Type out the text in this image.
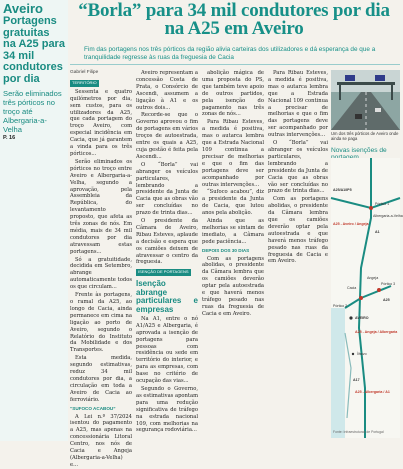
Aveiro
Portagens gratuitas na A25 para 34 mil condutores por dia
Serão eliminados três pórticos no troço até Albergaria-a-Velha
P. 16
“Borla” para 34 mil condutores por dia na A25 em Aveiro
Fim das portagens nos três pórticos da região alivia carteiras dos utilizadores e dá esperança de que a tranquilidade regresse às ruas da freguesia de Cacia

Gabriel Filipe

TERRITÓRIO

Sessenta e quatro quilómetros por dia, sem custos, para os utilizadores da A25, que cada portagem do troço Aveiro, com especial incidência em Cacia, que já garantem a vinda para os três pórticos...

Serão eliminados os pórticos no troço entre Aveiro e Albergaria-a-Velha, segundo a aprovação, pela Assembleia da República, do levantamento proposto, que afeta as três zonas de nós. Em média, mais de 34 mil condutores por dia atravessam estas portagens...

Só a gratuitidade, decidida em Setembro, abrange automaticamente todos os que circulam...

Frente às portagens, o ramal da A25, ao longo de Cacia, ainda permanece em cima na ligação ao porto de Aveiro, segundo o Relatório do Instituto da Mobilidade e dos Transportes.

Esta medida, segundo estimativas, reduz 34 mil condutores por dia, a circulação em toda a Aveiro de Cacia ao ferroviário.

“SUFOCO ACABOU”

A Lei n.º 37/2024 isentou do pagamento a A25, mas apenas na concessionária Litoral Centro, nos nós de Cacia e Angeja (Albergaria-a-Velha) e...

Aveiro representam a concessão Costa de Prata, o Consórcio de Ascendi, assumem a ligação à A1 e os outros dois...

Recorde-se que o Governo aprovou o fim de portagens em vários troços de autoestrada, entre os quais a A25, cuja gestão é feita pela Ascendi...

O “Borla” vai abranger os veículos particulares, lembrando a presidente da Junta de Cacia que as obras vão ser concluídas no prazo de trinta dias...

O presidente da Câmara de Aveiro, Ribau Esteves, aplaude a decisão e espera que os camiões deixem de atravessar o centro da freguesia.

ISENÇÃO DE PORTAGENS
Isenção abrange particulares e empresas

Na A1, entre o nó A1/A25 e Albergaria, é aprovada a isenção de portagens para pessoas com residência ou sede em território do interior, e para as empresas, com base no critério de ocupação das vias...

Segundo o Governo, as estimativas apontam para uma redução significativa de tráfego na estrada nacional 109, com melhorias na segurança rodoviária...

abolição mágica de uma proposta do PS, que também teve apoio de outros partidos, pela isenção do pagamento nas três zonas de nós...

Para Ribau Esteves, a medida é positiva, mas o autarca lembra que a Estrada Nacional 109 continua a precisar de melhorias e que o fim das portagens deve ser acompanhado por outras intervenções...

“Sufoco acabou”, diz a presidente da Junta de Cacia, que lutou anos pela abolição.

Ainda que as melhorias se sintam de imediato, a Câmara pede paciência...

DEPOIS DOS 30 DIAS

Com as portagens abolidas, o presidente da Câmara lembra que os camiões deverão optar pela autoestrada e que haverá menos tráfego pesado nas ruas da freguesia de Cacia e em Aveiro.

Para Ribau Esteves, a medida é positiva, mas o autarca lembra que a Estrada Nacional 109 continua a precisar de melhorias e que o fim das portagens deve ser acompanhado por outras intervenções...

O “Borla” vai abranger os veículos particulares, lembrando a presidente da Junta de Cacia que as obras vão ser concluídas no prazo de trinta dias...

Com as portagens abolidas, o presidente da Câmara lembra que os camiões deverão optar pela autoestrada e que haverá menos tráfego pesado nas ruas da freguesia de Cacia e em Aveiro.

Um dos três pórticos de Aveiro onde ainda se paga
Novas isenções de
A25/A1/IP5
Albergaria-a-Velha
A1
A25 - Aveiro / Angeja
Angeja
Cacia
AVEIRO
A25 - Angeja / Albergaria
Ílhavo
A17
A25
A25 - Albergaria / A1
Pórtico 1
Pórtico 2
Pórtico 3
Fonte: Infraestruturas de Portugal
